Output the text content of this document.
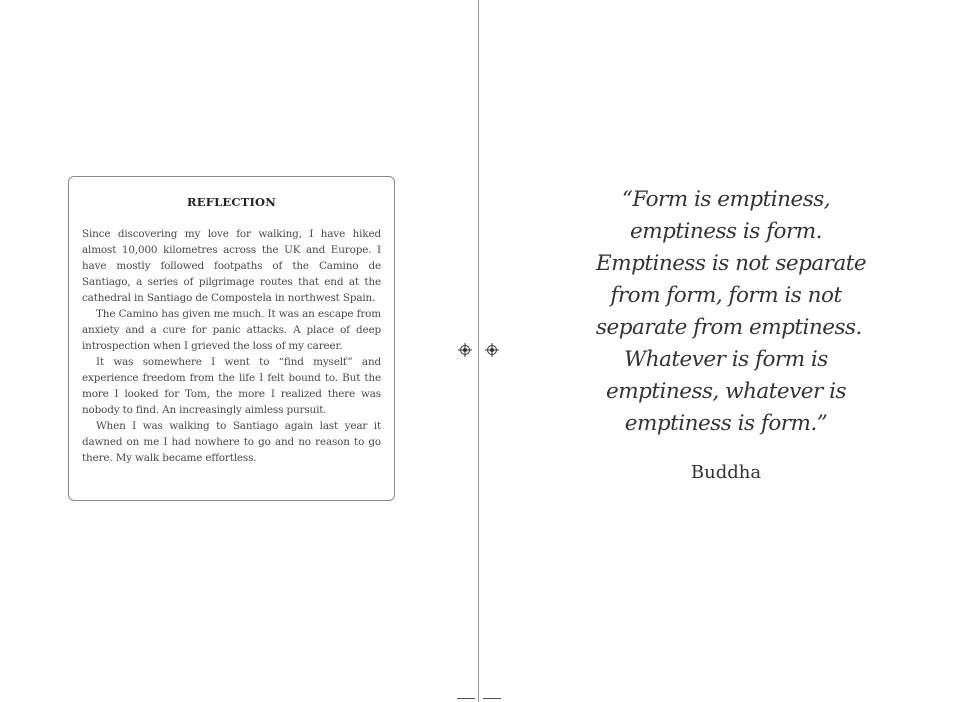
REFLECTION

Since discovering my love for walking, I have hiked almost 10,000 kilometres across the UK and Europe. I have mostly followed footpaths of the Camino de Santiago, a series of pilgrimage routes that end at the cathedral in Santiago de Compostela in northwest Spain.

The Camino has given me much. It was an escape from anxiety and a cure for panic attacks. A place of deep introspection when I grieved the loss of my career.

It was somewhere I went to “find myself” and experience freedom from the life I felt bound to. But the more I looked for Tom, the more I realized there was nobody to find. An increasingly aimless pursuit.

When I was walking to Santiago again last year it dawned on me I had nowhere to go and no reason to go there. My walk became effortless.

“Form is emptiness,
emptiness is form.
Emptiness is not separate
from form, form is not
separate from emptiness.
Whatever is form is
emptiness, whatever is
emptiness is form.”
Buddha
